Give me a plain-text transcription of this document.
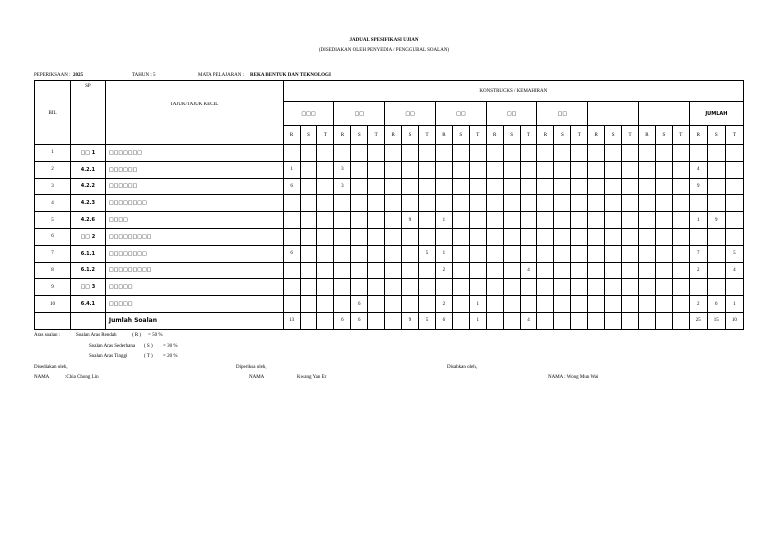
JADUAL SPESIFIKASI UJIAN
(DISEDIAKAN OLEH PENYEDIA / PENGGUBAL SOALAN)
PEPERIKSAAN : 2025	TAHUN : 5	MATA PELAJARAN : REKA BENTUK DAN TEKNOLOGI
	SP		KONSTRUCKS / KEMAHIRAN																										
BIL		TAJUK/TAJUK KECIL	□□□			□□			□□			□□			□□			□□									JUMLAH		
			R	S	T	R	S	T	R	S	T	R	S	T	R	S	T	R	S	T	R	S	T	R	S	T	R	S	T
1	□□ 1	□□□□□□□																											
2	4.2.1	□□□□□□	1			3																					4		
3	4.2.2	□□□□□□	6			3																					9		
4	4.2.3	□□□□□□□□																											
5	4.2.6	□□□□								9		1															1	9	
6	□□ 2	□□□□□□□□□																											
7	6.1.1	□□□□□□□□	6								5	1															7		5
8	6.1.2	□□□□□□□□□										2					4										2		4
9	□□ 3	□□□□□																											
10	6.4.1	□□□□□					6					2		1													2	6	1
		Jumlah Soalan	13			6	6			9	5	6		1			4										25	15	10
Aras soalan :	Soalan Aras Rendah	( R ) = 50 %
Soalan Aras Sederhana ( S ) = 30 %
Soalan Aras Tinggi	( T ) = 20 %
Disediakan oleh,	Diperiksa oleh,	Disahkan oleh,
NAMA	:Chia Chong Lin	NAMA	Kwang Yan Er	NAMA : Wong Mun Wai
